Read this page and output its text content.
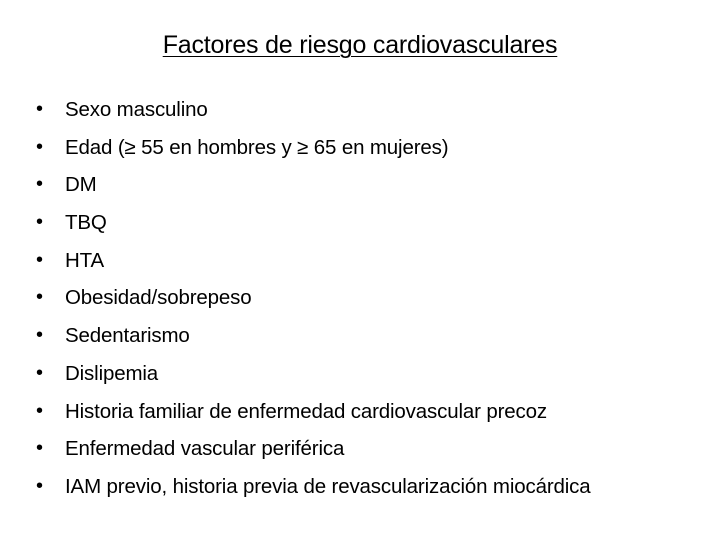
Factores de riesgo cardiovasculares
• Sexo masculino
• Edad (≥ 55 en hombres y ≥ 65 en mujeres)
• DM
• TBQ
• HTA
• Obesidad/sobrepeso
• Sedentarismo
• Dislipemia
• Historia familiar de enfermedad cardiovascular precoz
• Enfermedad vascular periférica
• IAM previo, historia previa de revascularización miocárdica
